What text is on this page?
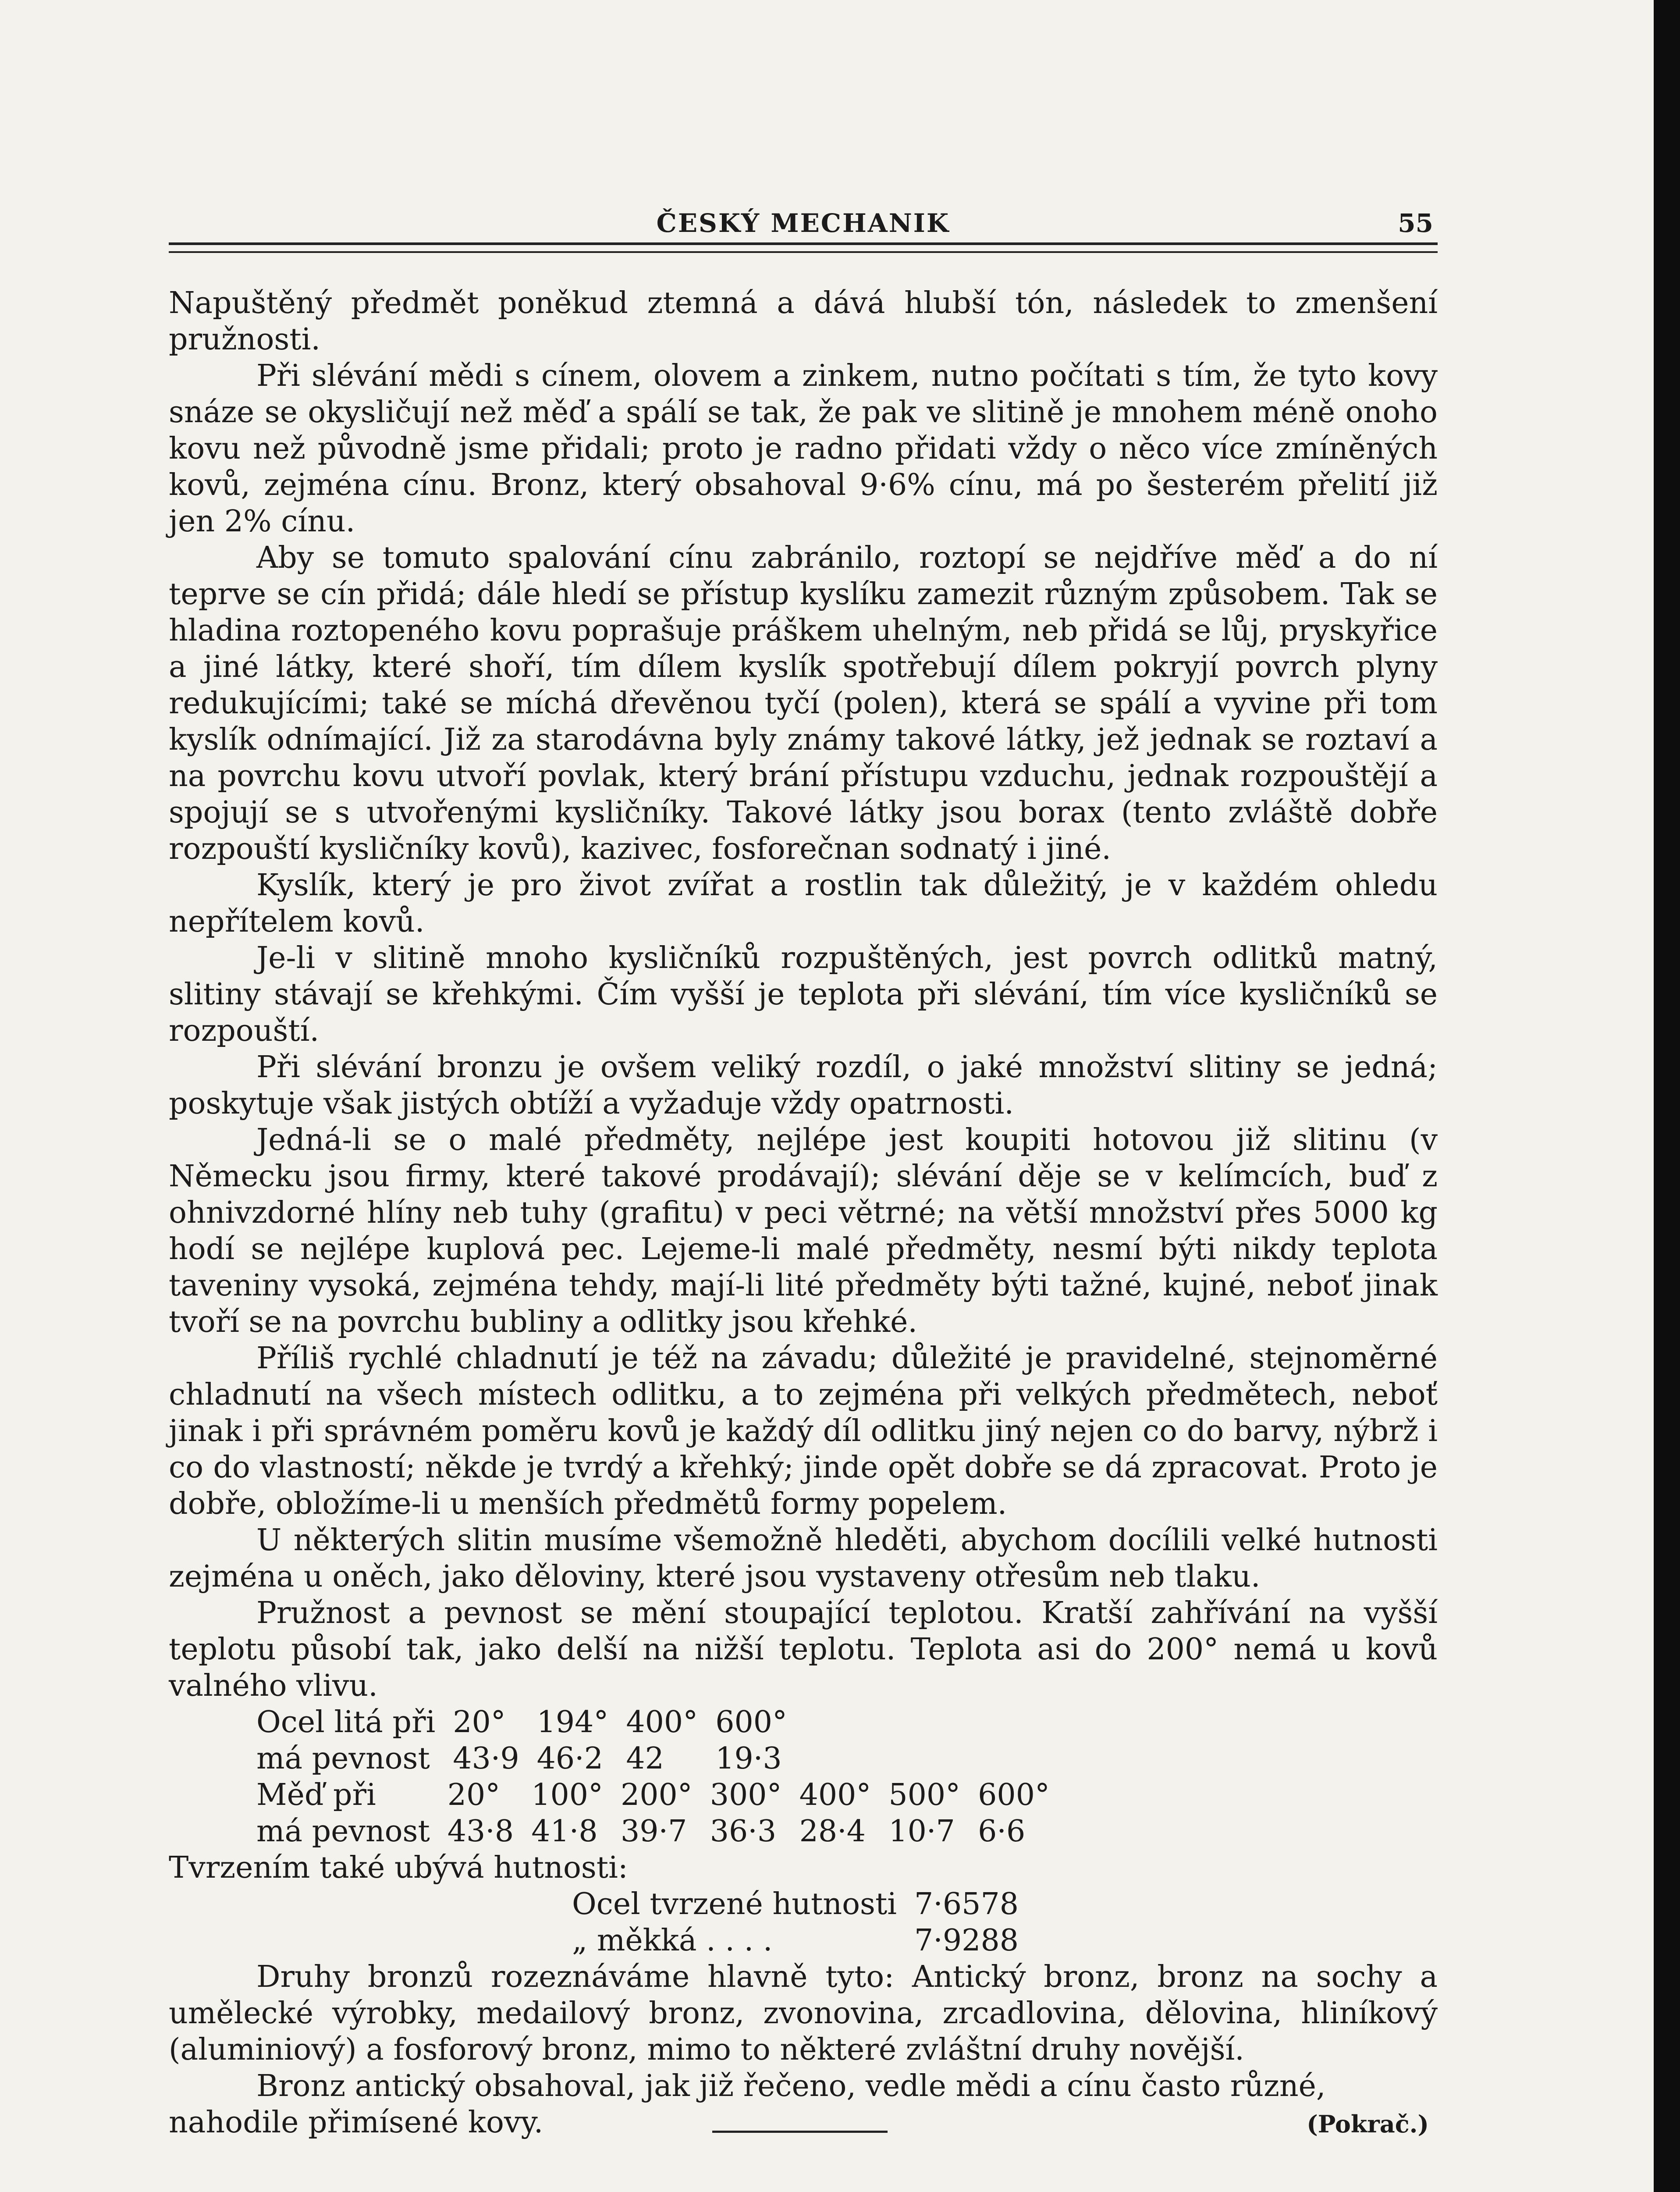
ČESKÝ MECHANIK	55

Napuštěný předmět poněkud ztemná a dává hlubší tón, následek to zmenšení pružnosti.

Při slévání mědi s cínem, olovem a zinkem, nutno počítati s tím, že tyto kovy snáze se okysličují než měď a spálí se tak, že pak ve slitině je mnohem méně onoho kovu než původně jsme přidali; proto je radno přidati vždy o něco více zmíněných kovů, zejména cínu. Bronz, který obsahoval 9·6% cínu, má po šesterém přelití již jen 2% cínu.

Aby se tomuto spalování cínu zabránilo, roztopí se nejdříve měď a do ní teprve se cín přidá; dále hledí se přístup kyslíku zamezit různým způsobem. Tak se hladina roztopeného kovu poprašuje práškem uhelným, neb přidá se lůj, pryskyřice a jiné látky, které shoří, tím dílem kyslík spotřebují dílem pokryjí povrch plyny redukujícími; také se míchá dřevěnou tyčí (polen), která se spálí a vyvine při tom kyslík odnímající. Již za starodávna byly známy takové látky, jež jednak se roztaví a na povrchu kovu utvoří povlak, který brání přístupu vzduchu, jednak rozpouštějí a spojují se s utvořenými kysličníky. Takové látky jsou borax (tento zvláště dobře rozpouští kysličníky kovů), kazivec, fosforečnan sodnatý i jiné.

Kyslík, který je pro život zvířat a rostlin tak důležitý, je v každém ohledu nepřítelem kovů.

Je-li v slitině mnoho kysličníků rozpuštěných, jest povrch odlitků matný, slitiny stávají se křehkými. Čím vyšší je teplota při slévání, tím více kysličníků se rozpouští.

Při slévání bronzu je ovšem veliký rozdíl, o jaké množství slitiny se jedná; poskytuje však jistých obtíží a vyžaduje vždy opatrnosti.

Jedná-li se o malé předměty, nejlépe jest koupiti hotovou již slitinu (v Německu jsou firmy, které takové prodávají); slévání děje se v kelímcích, buď z ohnivzdorné hlíny neb tuhy (grafitu) v peci větrné; na větší množství přes 5000 kg hodí se nejlépe kuplová pec. Lejeme-li malé předměty, nesmí býti nikdy teplota taveniny vysoká, zejména tehdy, mají-li lité předměty býti tažné, kujné, neboť jinak tvoří se na povrchu bubliny a odlitky jsou křehké.

Příliš rychlé chladnutí je též na závadu; důležité je pravidelné, stejnoměrné chladnutí na všech místech odlitku, a to zejména při velkých předmětech, neboť jinak i při správném poměru kovů je každý díl odlitku jiný nejen co do barvy, nýbrž i co do vlastností; někde je tvrdý a křehký; jinde opět dobře se dá zpracovat. Proto je dobře, obložíme-li u menších předmětů formy popelem.

U některých slitin musíme všemožně hleděti, abychom docílili velké hutnosti zejména u oněch, jako děloviny, které jsou vystaveny otřesům neb tlaku.

Pružnost a pevnost se mění stoupající teplotou. Kratší zahřívání na vyšší teplotu působí tak, jako delší na nižší teplotu. Teplota asi do 200° nemá u kovů valného vlivu.

Ocel litá při	20°	194°	400°	600°
má pevnost	43·9	46·2	42	19·3
Měď při	20°	100°	200°	300°	400°	500°	600°
má pevnost	43·8	41·8	39·7	36·3	28·4	10·7	6·6

Tvrzením také ubývá hutnosti:

Ocel tvrzené hutnosti	7·6578
„ měkká . . . .	7·9288

Druhy bronzů rozeznáváme hlavně tyto: Antický bronz, bronz na sochy a umělecké výrobky, medailový bronz, zvonovina, zrcadlovina, dělovina, hliníkový (aluminiový) a fosforový bronz, mimo to některé zvláštní druhy novější.

Bronz antický obsahoval, jak již řečeno, vedle mědi a cínu často různé,

nahodile přimísené kovy.	(Pokrač.)
